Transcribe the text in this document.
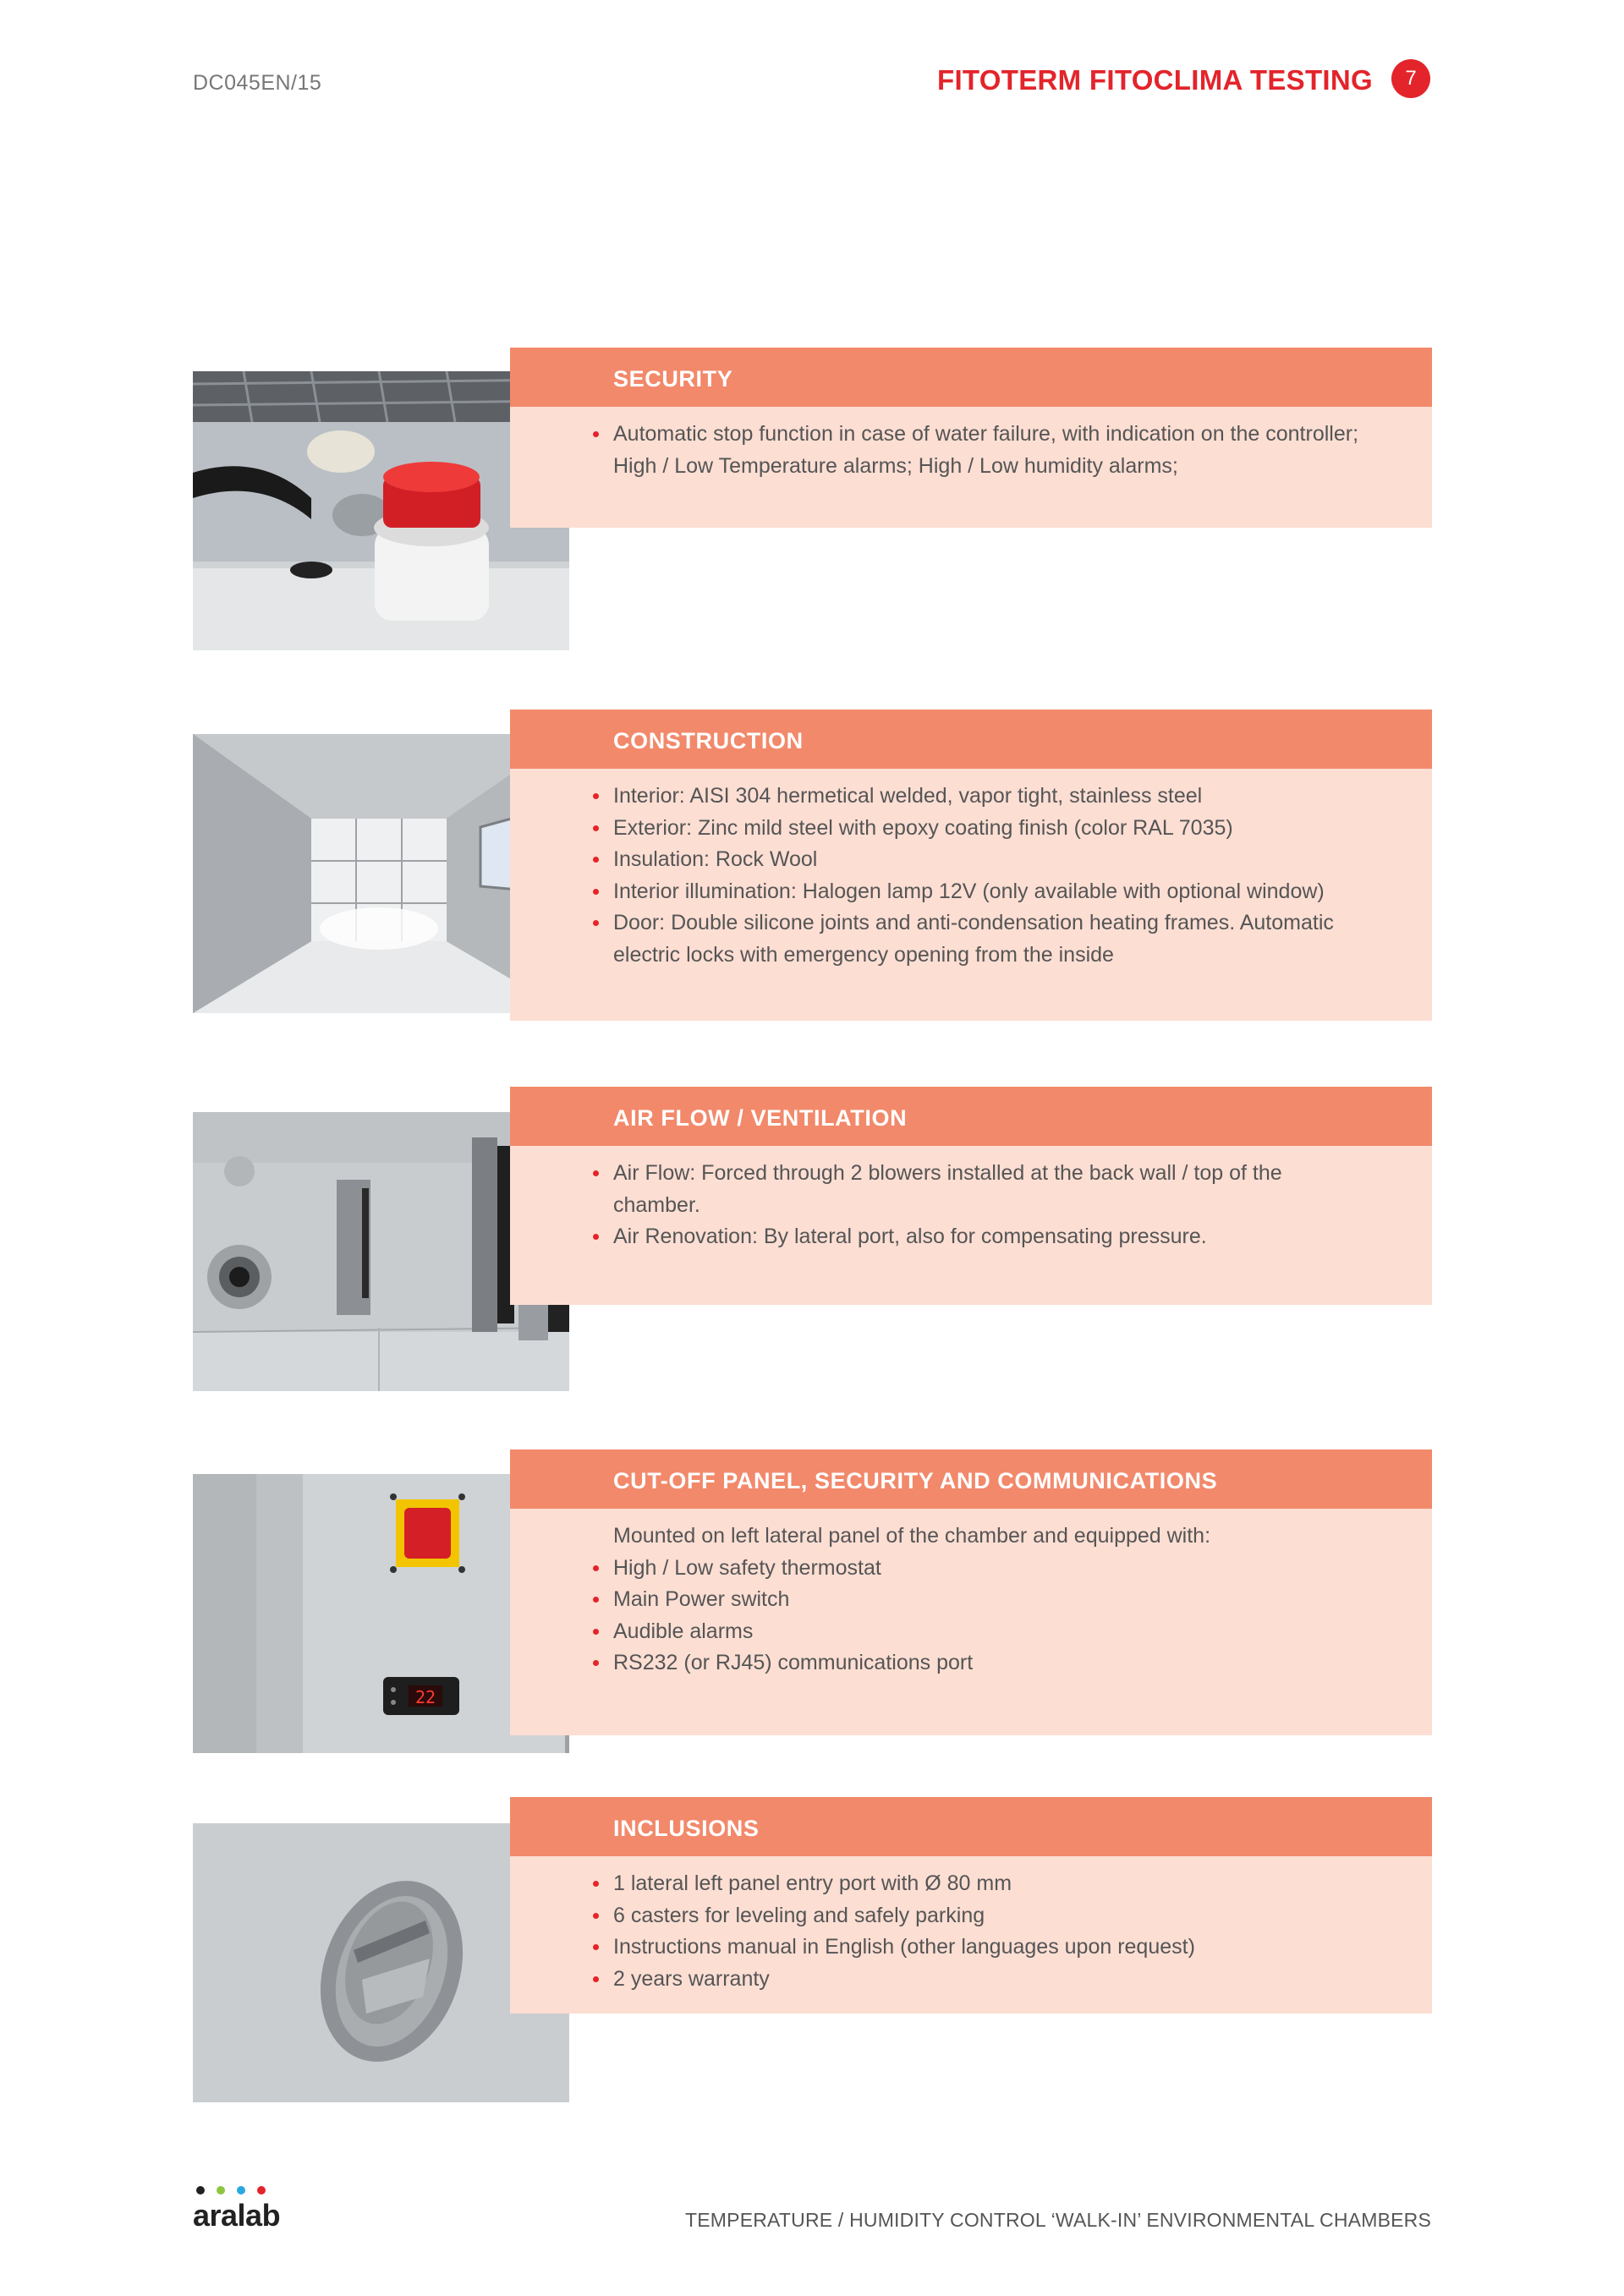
DC045EN/15	FITOTERM FITOCLIMA TESTING	7
SECURITY
Automatic stop function in case of water failure, with indication on the controller; High / Low Temperature alarms; High / Low humidity alarms;
CONSTRUCTION
Interior: AISI 304 hermetical welded, vapor tight, stainless steel
Exterior: Zinc mild steel with epoxy coating finish (color RAL 7035)
Insulation: Rock Wool
Interior illumination: Halogen lamp 12V (only available with optional window)
Door: Double silicone joints and anti-condensation heating frames. Automatic electric locks with emergency opening from the inside
AIR FLOW / VENTILATION
Air Flow: Forced through 2 blowers installed at the back wall / top of the chamber.
Air Renovation: By lateral port, also for compensating pressure.
22
CUT-OFF PANEL, SECURITY AND COMMUNICATIONS

Mounted on left lateral panel of the chamber and equipped with:

High / Low safety thermostat
Main Power switch
Audible alarms
RS232 (or RJ45) communications port
INCLUSIONS
1 lateral left panel entry port with Ø 80 mm
6 casters for leveling and safely parking
Instructions manual in English (other languages upon request)
2 years warranty
aralab	TEMPERATURE / HUMIDITY CONTROL ‘WALK-IN’ ENVIRONMENTAL CHAMBERS
